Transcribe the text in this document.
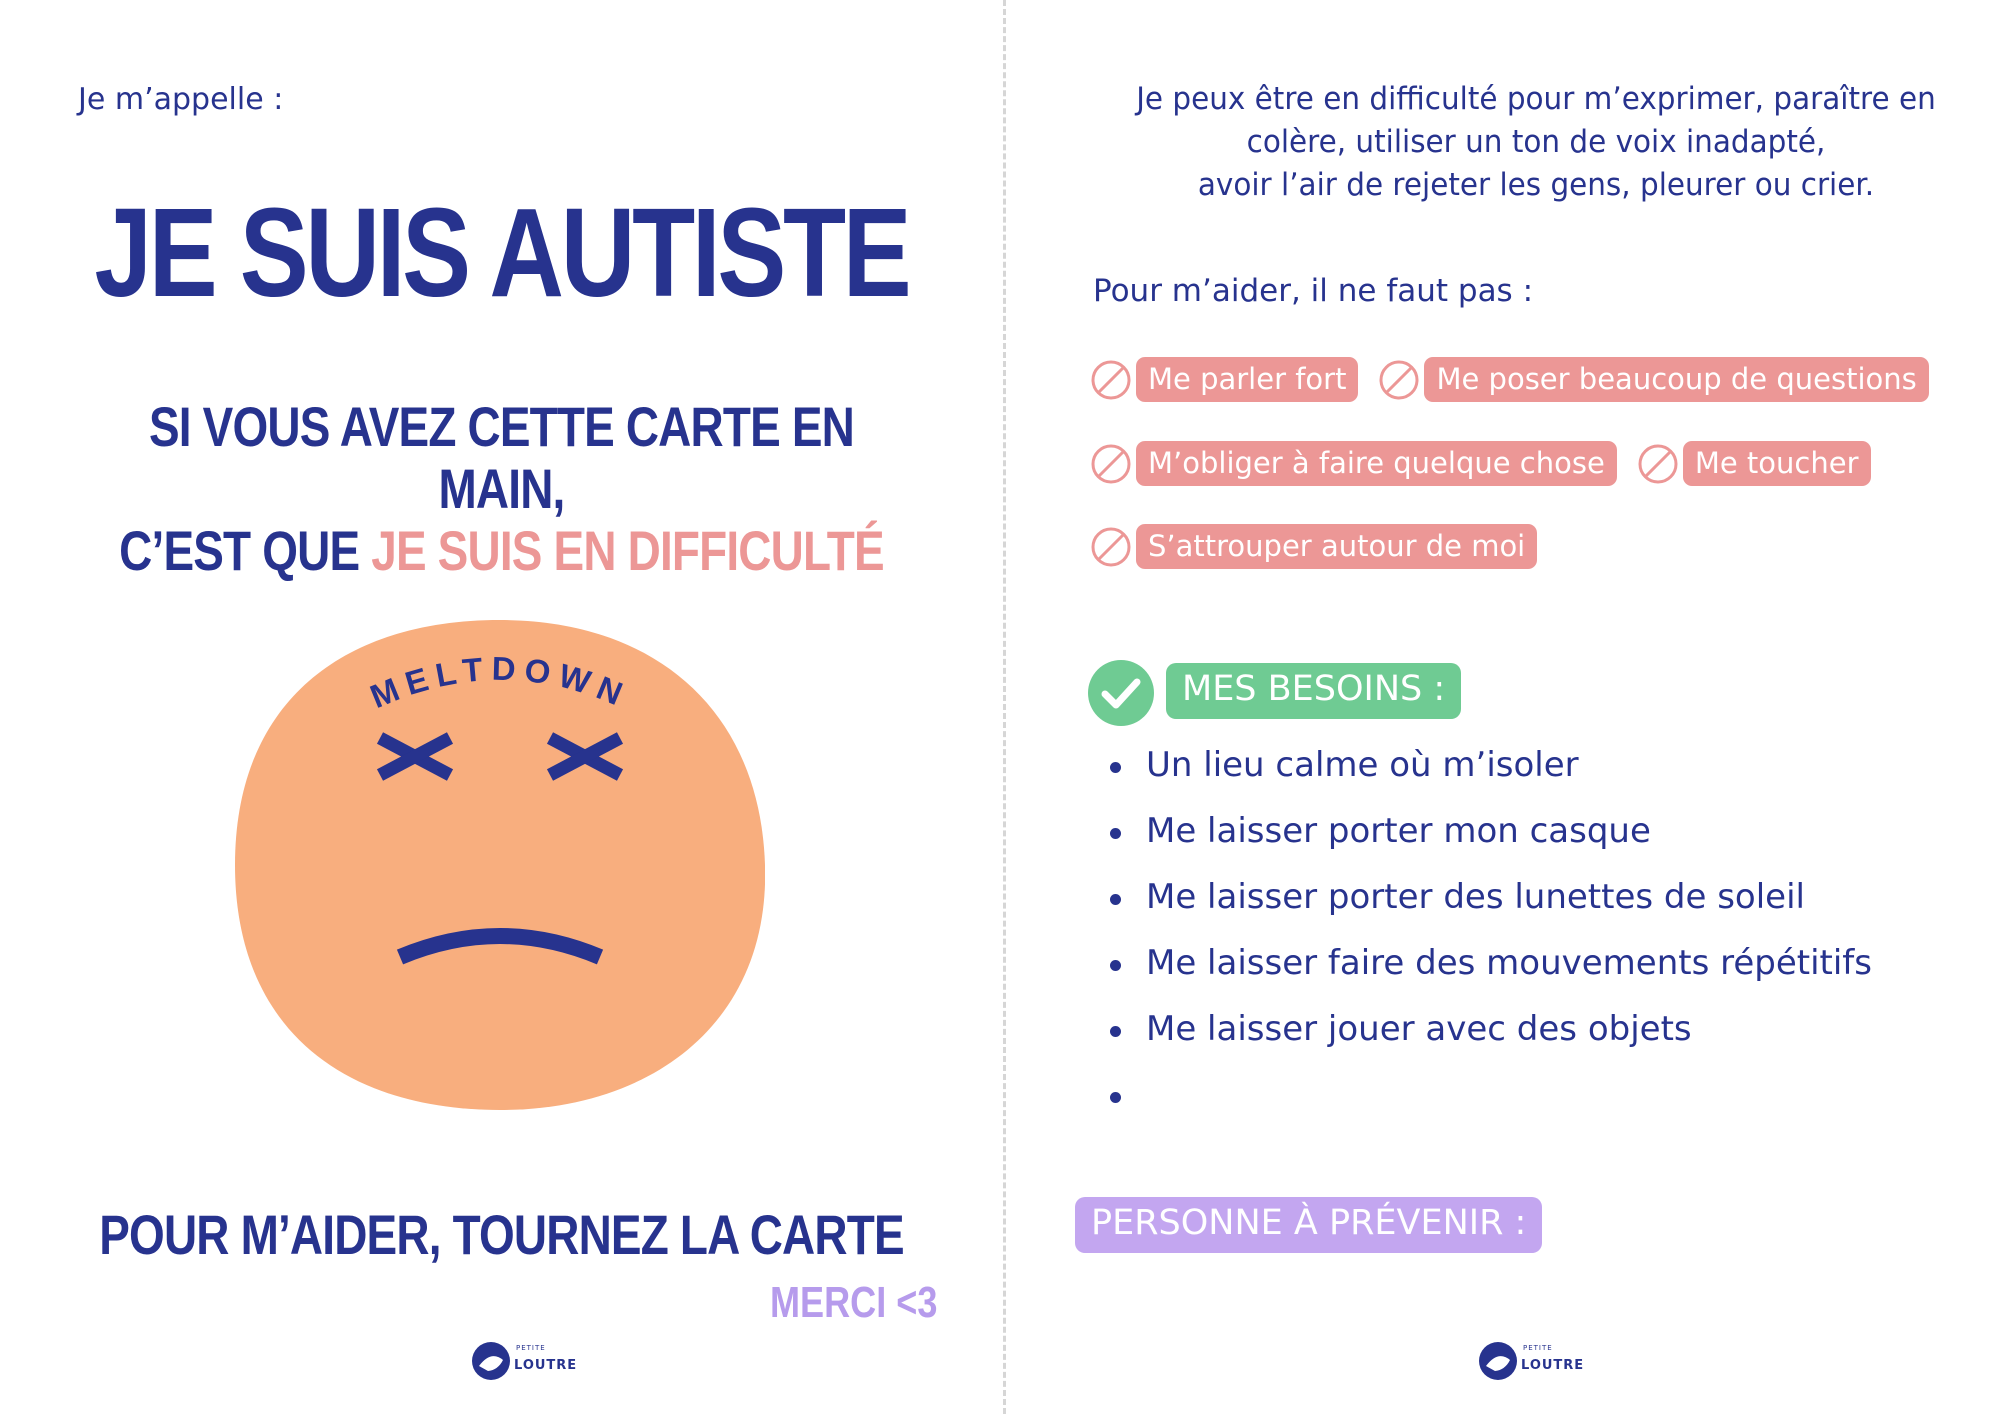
Je m’appelle :
JE SUIS AUTISTE
SI VOUS AVEZ CETTE CARTE EN MAIN,
C’EST QUE JE SUIS EN DIFFICULTÉ
MELTDOWN
POUR M’AIDER, TOURNEZ LA CARTE
MERCI <3
PETITE
LOUTRE
Je peux être en difficulté pour m’exprimer, paraître en
colère, utiliser un ton de voix inadapté,
avoir l’air de rejeter les gens, pleurer ou crier.
Pour m’aider, il ne faut pas :
Me parler fort	Me poser beaucoup de questions
M’obliger à faire quelque chose	Me toucher
S’attrouper autour de moi
MES BESOINS :
Un lieu calme où m’isoler
Me laisser porter mon casque
Me laisser porter des lunettes de soleil
Me laisser faire des mouvements répétitifs
Me laisser jouer avec des objets
PERSONNE À PRÉVENIR :
PETITE
LOUTRE
